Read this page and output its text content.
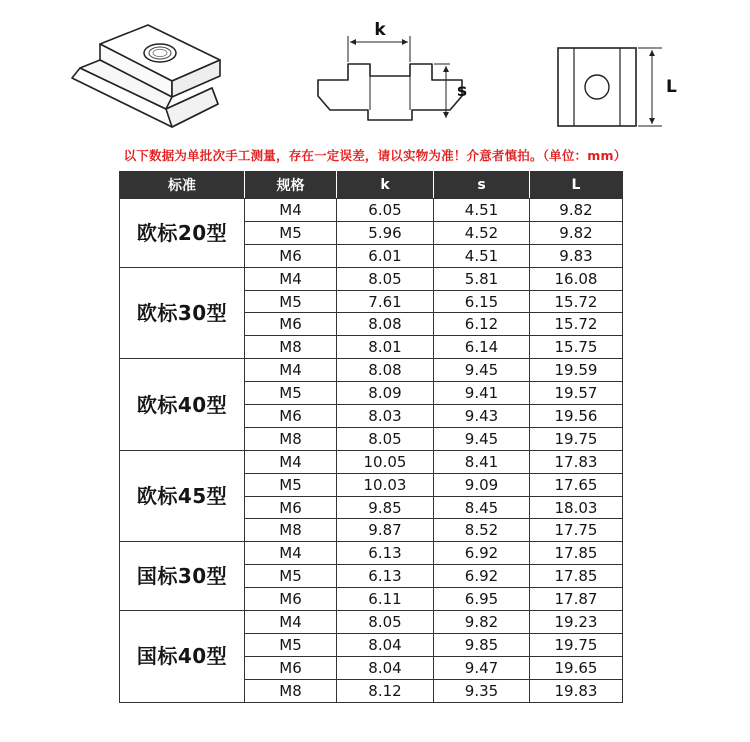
k
s	L
以下数据为单批次手工测量，存在一定误差，请以实物为准！介意者慎拍。（单位：mm）
标准	规格	k	s	L
欧标20型	M4	6.05	4.51	9.82
	M5	5.96	4.52	9.82
	M6	6.01	4.51	9.83
欧标30型	M4	8.05	5.81	16.08
	M5	7.61	6.15	15.72
	M6	8.08	6.12	15.72
	M8	8.01	6.14	15.75
欧标40型	M4	8.08	9.45	19.59
	M5	8.09	9.41	19.57
	M6	8.03	9.43	19.56
	M8	8.05	9.45	19.75
欧标45型	M4	10.05	8.41	17.83
	M5	10.03	9.09	17.65
	M6	9.85	8.45	18.03
	M8	9.87	8.52	17.75
国标30型	M4	6.13	6.92	17.85
	M5	6.13	6.92	17.85
	M6	6.11	6.95	17.87
国标40型	M4	8.05	9.82	19.23
	M5	8.04	9.85	19.75
	M6	8.04	9.47	19.65
	M8	8.12	9.35	19.83
